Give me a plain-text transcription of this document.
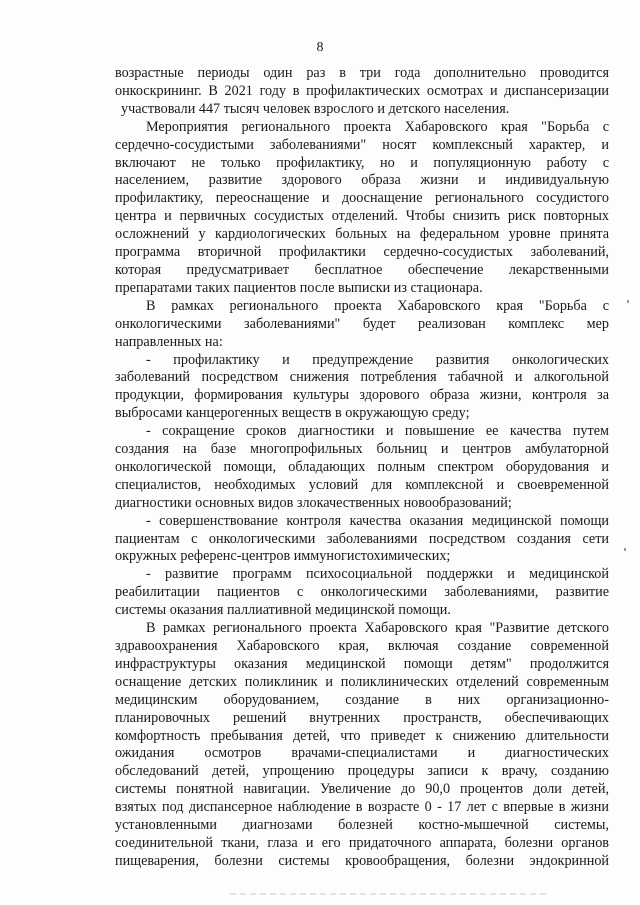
8

возрастные периоды один раз в три года дополнительно проводится
онкоскрининг. В 2021 году в профилактических осмотрах и диспансеризации
участвовали 447 тысяч человек взрослого и детского населения.

Мероприятия регионального проекта Хабаровского края "Борьба с
сердечно-сосудистыми заболеваниями" носят комплексный характер, и
включают не только профилактику, но и популяционную работу с
населением, развитие здорового образа жизни и индивидуальную
профилактику, переоснащение и дооснащение регионального сосудистого
центра и первичных сосудистых отделений. Чтобы снизить риск повторных
осложнений у кардиологических больных на федеральном уровне принята
программа вторичной профилактики сердечно-сосудистых заболеваний,
которая предусматривает бесплатное обеспечение лекарственными
препаратами таких пациентов после выписки из стационара.

В рамках регионального проекта Хабаровского края "Борьба с
онкологическими заболеваниями" будет реализован комплекс мер
направленных на:

- профилактику и предупреждение развития онкологических
заболеваний посредством снижения потребления табачной и алкогольной
продукции, формирования культуры здорового образа жизни, контроля за
выбросами канцерогенных веществ в окружающую среду;

- сокращение сроков диагностики и повышение ее качества путем
создания на базе многопрофильных больниц и центров амбулаторной
онкологической помощи, обладающих полным спектром оборудования и
специалистов, необходимых условий для комплексной и своевременной
диагностики основных видов злокачественных новообразований;

- совершенствование контроля качества оказания медицинской помощи
пациентам с онкологическими заболеваниями посредством создания сети
окружных референс-центров иммуногистохимических;

- развитие программ психосоциальной поддержки и медицинской
реабилитации пациентов с онкологическими заболеваниями, развитие
системы оказания паллиативной медицинской помощи.

В рамках регионального проекта Хабаровского края "Развитие детского
здравоохранения Хабаровского края, включая создание современной
инфраструктуры оказания медицинской помощи детям" продолжится
оснащение детских поликлиник и поликлинических отделений современным
медицинским оборудованием, создание в них организационно-
планировочных решений внутренних пространств, обеспечивающих
комфортность пребывания детей, что приведет к снижению длительности
ожидания осмотров врачами-специалистами и диагностических
обследований детей, упрощению процедуры записи к врачу, созданию
системы понятной навигации. Увеличение до 90,0 процентов доли детей,
взятых под диспансерное наблюдение в возрасте 0 - 17 лет с впервые в жизни
установленными диагнозами болезней костно-мышечной системы,
соединительной ткани, глаза и его придаточного аппарата, болезни органов
пищеварения, болезни системы кровообращения, болезни эндокринной
